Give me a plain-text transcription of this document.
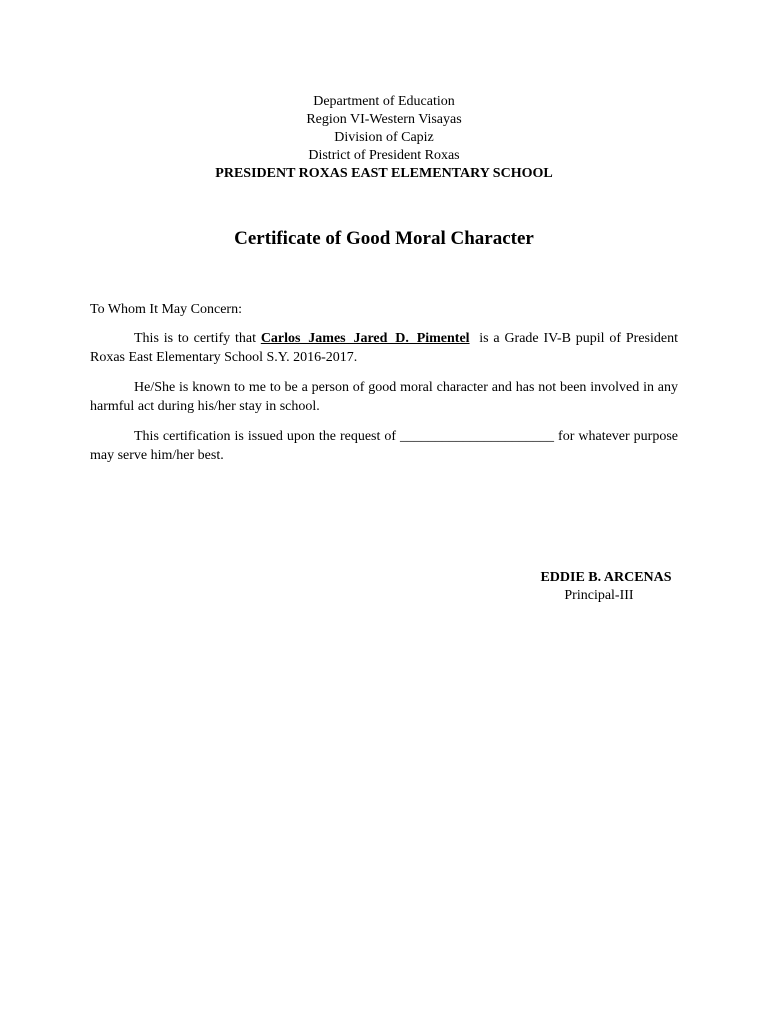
Department of Education
Region VI-Western Visayas
Division of Capiz
District of President Roxas
PRESIDENT ROXAS EAST ELEMENTARY SCHOOL
Certificate of Good Moral Character
To Whom It May Concern:
This is to certify that Carlos James Jared D. Pimentel is a Grade IV-B pupil of President Roxas East Elementary School S.Y. 2016-2017.
He/She is known to me to be a person of good moral character and has not been involved in any harmful act during his/her stay in school.
This certification is issued upon the request of ______________________ for whatever purpose may serve him/her best.
EDDIE B. ARCENAS
Principal-III
